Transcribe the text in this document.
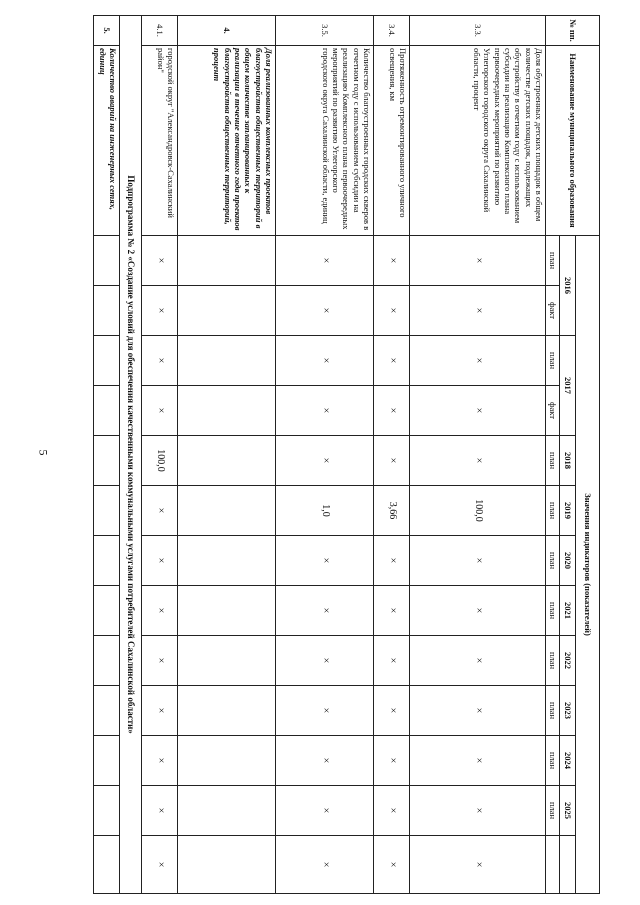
5
№ пп.	Наименование муниципального образования	Значения индикаторов (показателей)												
		2016		2017		2018	2019	2020	2021	2022	2023	2024	2025	
		план	факт	план	факт	план	план	план	план	план	план	план	план	
3.3.	Доля обустроенных детских площадок в общем количестве детских площадок, подлежащих обустройству в отчетном году с использованием субсидии на реализацию Комплексного плана первоочередных мероприятий по развитию Углегорского городского округа Сахалинской области, процент	×	×	×	×	×	100,0	×	×	×	×	×	×	×
3.4.	Протяженность отремонтированного уличного освещения, км	×	×	×	×	×	3,66	×	×	×	×	×	×	×
3.5.	Количество благоустроенных городских скверов в отчетном году с использованием субсидии на реализацию Комплексного плана первоочередных мероприятий по развитию Углегорского городского округа Сахалинской области, единиц	×	×	×	×	×	1,0	×	×	×	×	×	×	×
4.	Доля реализованных комплексных проектов благоустройства общественных территорий в общем количестве запланированных к реализации в течение отчетного года проектов благоустройства общественных территорий, процент													
4.1.	городской округ "Александровск-Сахалинский район"	×	×	×	×	100,0	×	×	×	×	×	×	×	×
Подпрограмма № 2 «Создание условий для обеспечения качественными коммунальными услугами потребителей Сахалинской области»														
5.	Количество аварий на инженерных сетях, единиц													
